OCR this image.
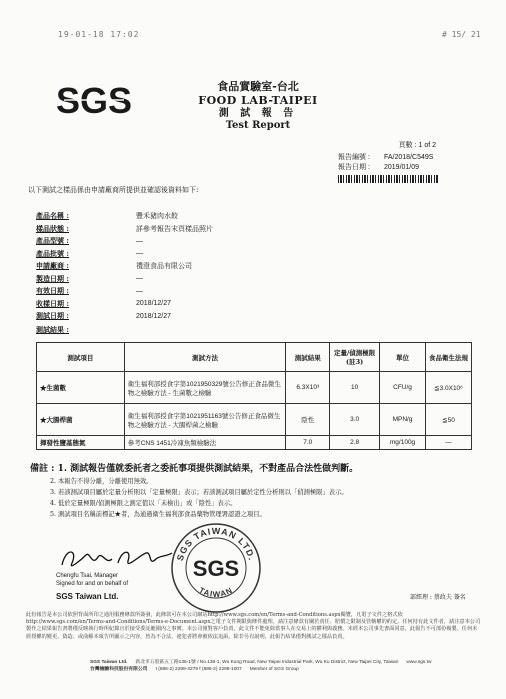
19-01-18 17:02	# 15/ 21
SGS	食品實驗室-台北
FOOD LAB-TAIPEI
測 試 報 告
Test Report
頁數 : 1 of 2
報告編號 :	FA/2018/C549S
報告日期 :	2019/01/09
以下測試之樣品係由申請廠商所提供並確認後資料如下:
產品名稱 :	豐禾豬肉水餃
樣品狀態 :	詳參考報告末頁樣品照片
產品型號 :	—
產品批號 :	—
申請廠商 :	禮澄食品有限公司
製造日期 :	—
有效日期 :	—
收樣日期 :	2018/12/27
測試日期 :	2018/12/27
測試結果 :
測試項目	測試方法	測試結果	定量/偵測極限(註3)	單位	食品衛生法規
★生菌數	衛生福利部授食字第1021950329號公告修正食品微生物之檢驗方法 - 生菌數之檢驗	6.3X10³	10	CFU/g	≦3.0X10⁶
★大腸桿菌	衛生福利部授食字第1021951163號公告修正食品微生物之檢驗方法 - 大腸桿菌之檢驗	陰性	3.0	MPN/g	≦50
揮發性鹽基態氮	參考CNS 1451冷凍魚類檢驗法	7.0	2.8	mg/100g	—
備註 : 1. 測試報告僅就委託者之委託事項提供測試結果，不對產品合法性做判斷。
2. 本報告不得分離，分離使用無效。
3. 若該測試項目屬於定量分析則以「定量極限」表示；若該測試項目屬於定性分析則以「偵測極限」表示。
4. 低於定量極限/偵測極限之測定值以「未檢出」或「陰性」表示。
5. 測試項目名稱前標記★者，為通過衛生福利部食品藥物管理署認證之項目。
Chengfu Tsai, Manager
Signed for and on behalf of
SGS Taiwan Ltd.
SGS TAIWAN LTD.
TAIWAN
SGS
部經理 : 蔡政夫 簽名
此份報告是本公司依照背面所印之通用服務條款所簽發，此條款可在本公司網站http://www.sgs.com/en/Terms-and-Conditions.aspx閱覽，凡電子文件之格式依http://www.sgs.com/en/Terms-and-Conditions/Terms-e-Document.aspx之電子文件期限與條件處理。請注意條款有關於責任、賠償之限制及管轄權的約定。任何持有此文件者，請注意本公司製作之結果報告書將僅反映執行時所紀錄且於接受委託範圍內之事實。本公司僅對客戶負責，此文件不能免除當事人在交易上的權利與義務。未經本公司事先書面同意，此報告不可部份複製。任何未經授權的變更、偽造、或曲解本報告所顯示之內容，皆為不合法，違犯者將會被依法追訴。除非另有說明，此報告結果僅對測試之樣品負責。
SGS Taiwan Ltd. 新北市五股區五工路136-1號 / No.136-1, Wu Kung Road, New Taipei Industrial Park, Wu Ku District, New Taipei City, Taiwan www.sgs.tw
台灣檢驗科技股份有限公司 t (886-2) 2299-3279 f (886-2) 2299-1007 Member of SGS Group
